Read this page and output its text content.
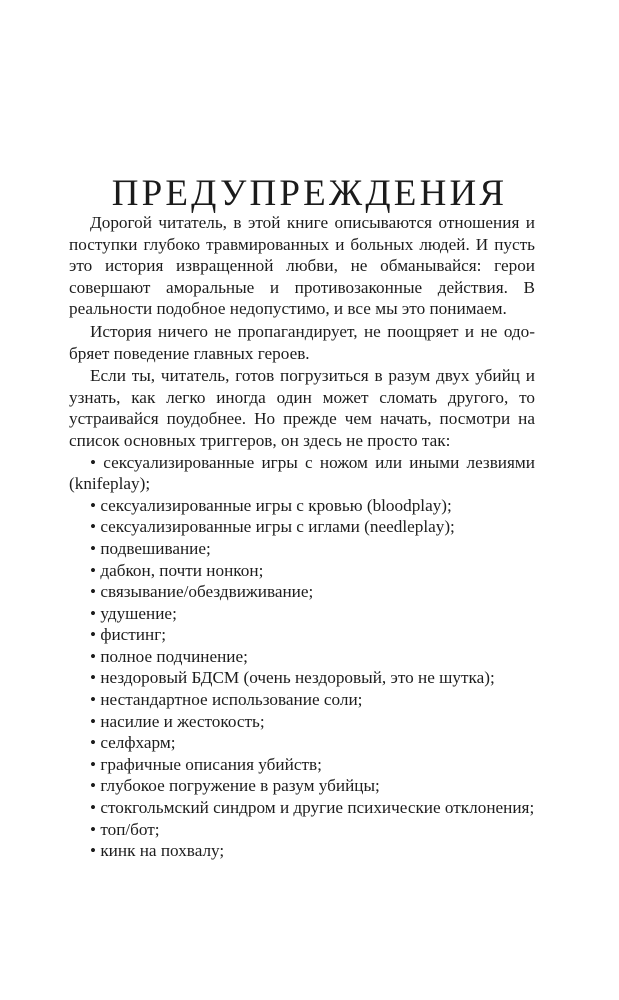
ПРЕДУПРЕЖДЕНИЯ

Дорогой читатель, в этой книге описываются отношения и поступки глубоко травмированных и больных людей. И пусть это история извращенной любви, не обманывайся: герои совершают аморальные и противозаконные действия. В реальности подобное недопустимо, и все мы это понимаем.

История ничего не пропагандирует, не поощряет и не одобряет поведение главных героев.

Если ты, читатель, готов погрузиться в разум двух убийц и узнать, как легко иногда один может сломать другого, то устраивайся поудобнее. Но прежде чем начать, посмотри на список основных триггеров, он здесь не просто так:

• сексуализированные игры с ножом или иными лезвиями (knifeplay);
• сексуализированные игры с кровью (bloodplay);
• сексуализированные игры с иглами (needleplay);
• подвешивание;
• дабкон, почти нонкон;
• связывание/обездвиживание;
• удушение;
• фистинг;
• полное подчинение;
• нездоровый БДСМ (очень нездоровый, это не шутка);
• нестандартное использование соли;
• насилие и жестокость;
• селфхарм;
• графичные описания убийств;
• глубокое погружение в разум убийцы;
• стокгольмский синдром и другие психические отклонения;
• топ/бот;
• кинк на похвалу;
